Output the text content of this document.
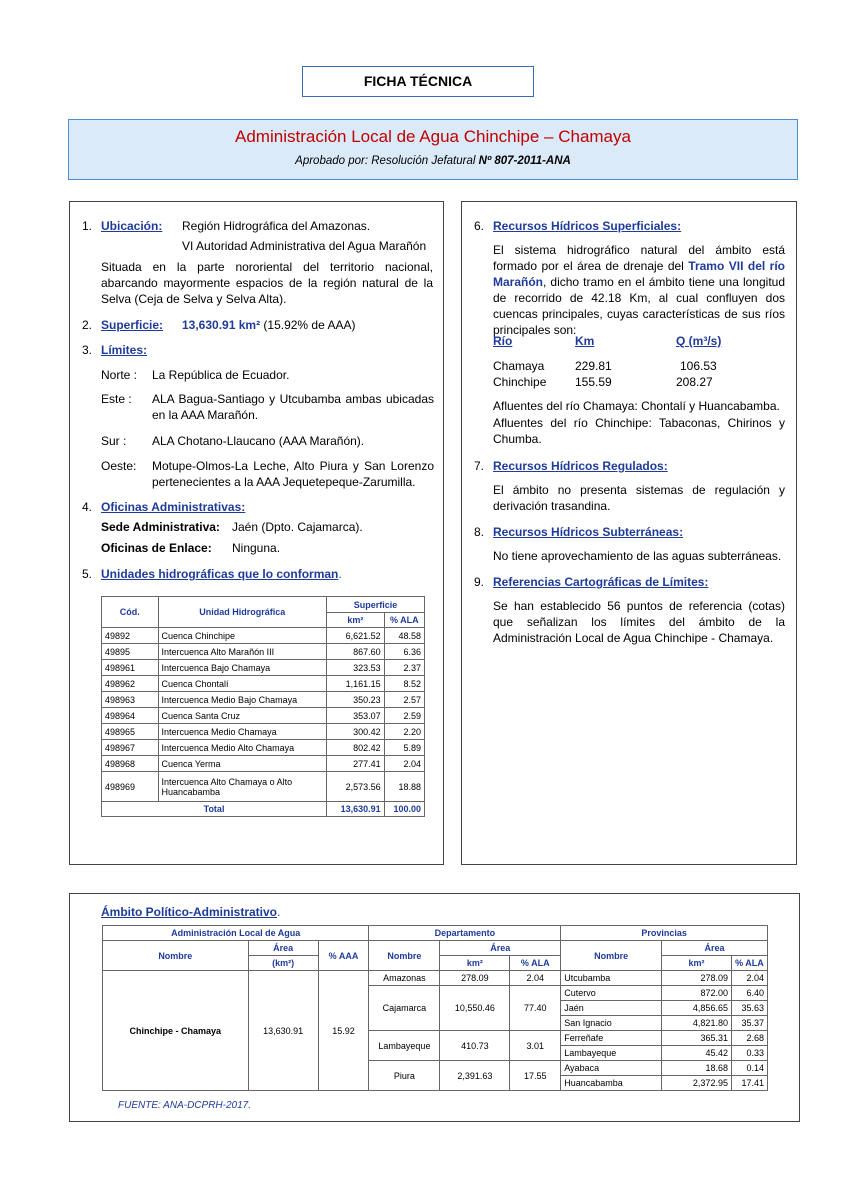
FICHA TÉCNICA
Administración Local de Agua Chinchipe – Chamaya
Aprobado por: Resolución Jefatural Nº 807-2011-ANA
1. Ubicación: Región Hidrográfica del Amazonas.
VI Autoridad Administrativa del Agua Marañón
Situada en la parte nororiental del territorio nacional, abarcando mayormente espacios de la región natural de la Selva (Ceja de Selva y Selva Alta).
2. Superficie: 13,630.91 km² (15.92% de AAA)
3. Límites:
Norte : La República de Ecuador.
Este : ALA Bagua-Santiago y Utcubamba ambas ubicadas en la AAA Marañón.
Sur : ALA Chotano-Llaucano (AAA Marañón).
Oeste: Motupe-Olmos-La Leche, Alto Piura y San Lorenzo pertenecientes a la AAA Jequetepeque-Zarumilla.
4. Oficinas Administrativas:
Sede Administrativa: Jaén (Dpto. Cajamarca).
Oficinas de Enlace: Ninguna.
5. Unidades hidrográficas que lo conforman.
Cód.	Unidad Hidrográfica	Superficie	
		km²	% ALA
49892	Cuenca Chinchipe	6,621.52	48.58
49895	Intercuenca Alto Marañón III	867.60	6.36
498961	Intercuenca Bajo Chamaya	323.53	2.37
498962	Cuenca Chontalí	1,161.15	8.52
498963	Intercuenca Medio Bajo Chamaya	350.23	2.57
498964	Cuenca Santa Cruz	353.07	2.59
498965	Intercuenca Medio Chamaya	300.42	2.20
498967	Intercuenca Medio Alto Chamaya	802.42	5.89
498968	Cuenca Yerma	277.41	2.04
498969	Intercuenca Alto Chamaya o Alto Huancabamba	2,573.56	18.88
Total		13,630.91	100.00
6. Recursos Hídricos Superficiales:
El sistema hidrográfico natural del ámbito está formado por el área de drenaje del Tramo VII del río Marañón, dicho tramo en el ámbito tiene una longitud de recorrido de 42.18 Km, al cual confluyen dos cuencas principales, cuyas características de sus ríos principales son:
Río	Km	Q (m³/s)
Chamaya	229.81	106.53
Chinchipe 155.59	208.27
Afluentes del río Chamaya: Chontalí y Huancabamba.
Afluentes del río Chinchipe: Tabaconas, Chirinos y Chumba.
7. Recursos Hídricos Regulados:
El ámbito no presenta sistemas de regulación y derivación trasandina.
8. Recursos Hídricos Subterráneas:
No tiene aprovechamiento de las aguas subterráneas.
9. Referencias Cartográficas de Límites:
Se han establecido 56 puntos de referencia (cotas) que señalizan los límites del ámbito de la Administración Local de Agua Chinchipe - Chamaya.
Ámbito Político-Administrativo.
Administración Local de Agua			Departamento			Provincias		
Nombre	Área	% AAA	Nombre	Área		Nombre	Área	
	(km²)			km²	% ALA		km²	% ALA
Chinchipe - Chamaya	13,630.91	15.92	Amazonas	278.09	2.04	Utcubamba	278.09	2.04
			Cajamarca	10,550.46	77.40	Cutervo	872.00	6.40
						Jaén	4,856.65	35.63
						San Ignacio	4,821.80	35.37
			Lambayeque	410.73	3.01	Ferreñafe	365.31	2.68
						Lambayeque	45.42	0.33
			Piura	2,391.63	17.55	Ayabaca	18.68	0.14
						Huancabamba	2,372.95	17.41
FUENTE: ANA-DCPRH-2017.
